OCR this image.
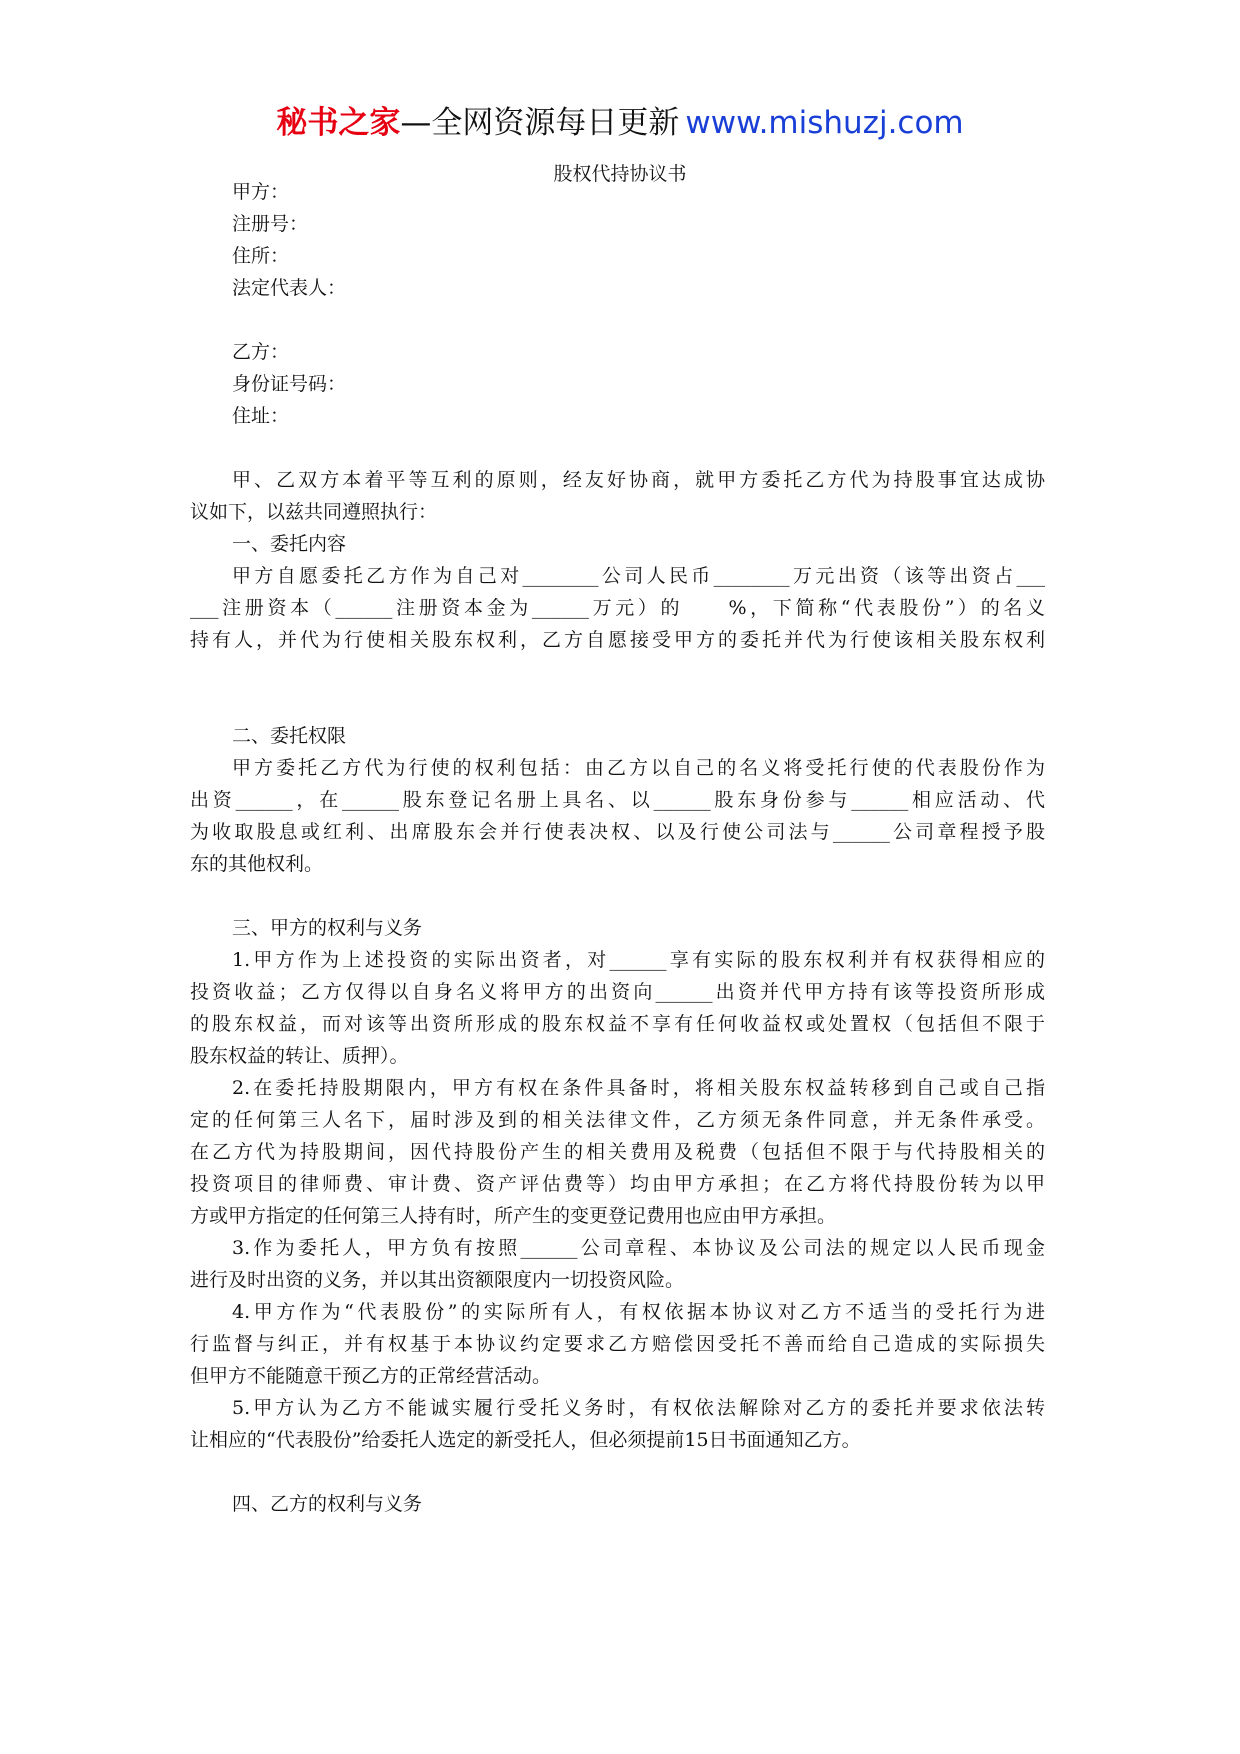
秘书之家—全网资源每日更新 www.mishuzj.com
股权代持协议书
甲方：
注册号：
住所：
法定代表人：
乙方：
身份证号码：
住址：
甲、乙双方本着平等互利的原则，经友好协商，就甲方委托乙方代为持股事宜达成协
议如下，以兹共同遵照执行：
一、委托内容
甲方自愿委托乙方作为自己对________公司人民币________万元出资（该等出资占___
___注册资本（______注册资本金为______万元）的　　%，下简称“代表股份”）的名义
持有人，并代为行使相关股东权利，乙方自愿接受甲方的委托并代为行使该相关股东权利
二、委托权限
甲方委托乙方代为行使的权利包括：由乙方以自己的名义将受托行使的代表股份作为
出资______，在______股东登记名册上具名、以______股东身份参与______相应活动、代
为收取股息或红利、出席股东会并行使表决权、以及行使公司法与______公司章程授予股
东的其他权利。
三、甲方的权利与义务
1.甲方作为上述投资的实际出资者，对______享有实际的股东权利并有权获得相应的
投资收益；乙方仅得以自身名义将甲方的出资向______出资并代甲方持有该等投资所形成
的股东权益，而对该等出资所形成的股东权益不享有任何收益权或处置权（包括但不限于
股东权益的转让、质押）。
2.在委托持股期限内，甲方有权在条件具备时，将相关股东权益转移到自己或自己指
定的任何第三人名下，届时涉及到的相关法律文件，乙方须无条件同意，并无条件承受。
在乙方代为持股期间，因代持股份产生的相关费用及税费（包括但不限于与代持股相关的
投资项目的律师费、审计费、资产评估费等）均由甲方承担；在乙方将代持股份转为以甲
方或甲方指定的任何第三人持有时，所产生的变更登记费用也应由甲方承担。
3.作为委托人，甲方负有按照______公司章程、本协议及公司法的规定以人民币现金
进行及时出资的义务，并以其出资额限度内一切投资风险。
4.甲方作为“代表股份”的实际所有人，有权依据本协议对乙方不适当的受托行为进
行监督与纠正，并有权基于本协议约定要求乙方赔偿因受托不善而给自己造成的实际损失
但甲方不能随意干预乙方的正常经营活动。
5.甲方认为乙方不能诚实履行受托义务时，有权依法解除对乙方的委托并要求依法转
让相应的“代表股份”给委托人选定的新受托人，但必须提前15日书面通知乙方。
四、乙方的权利与义务
